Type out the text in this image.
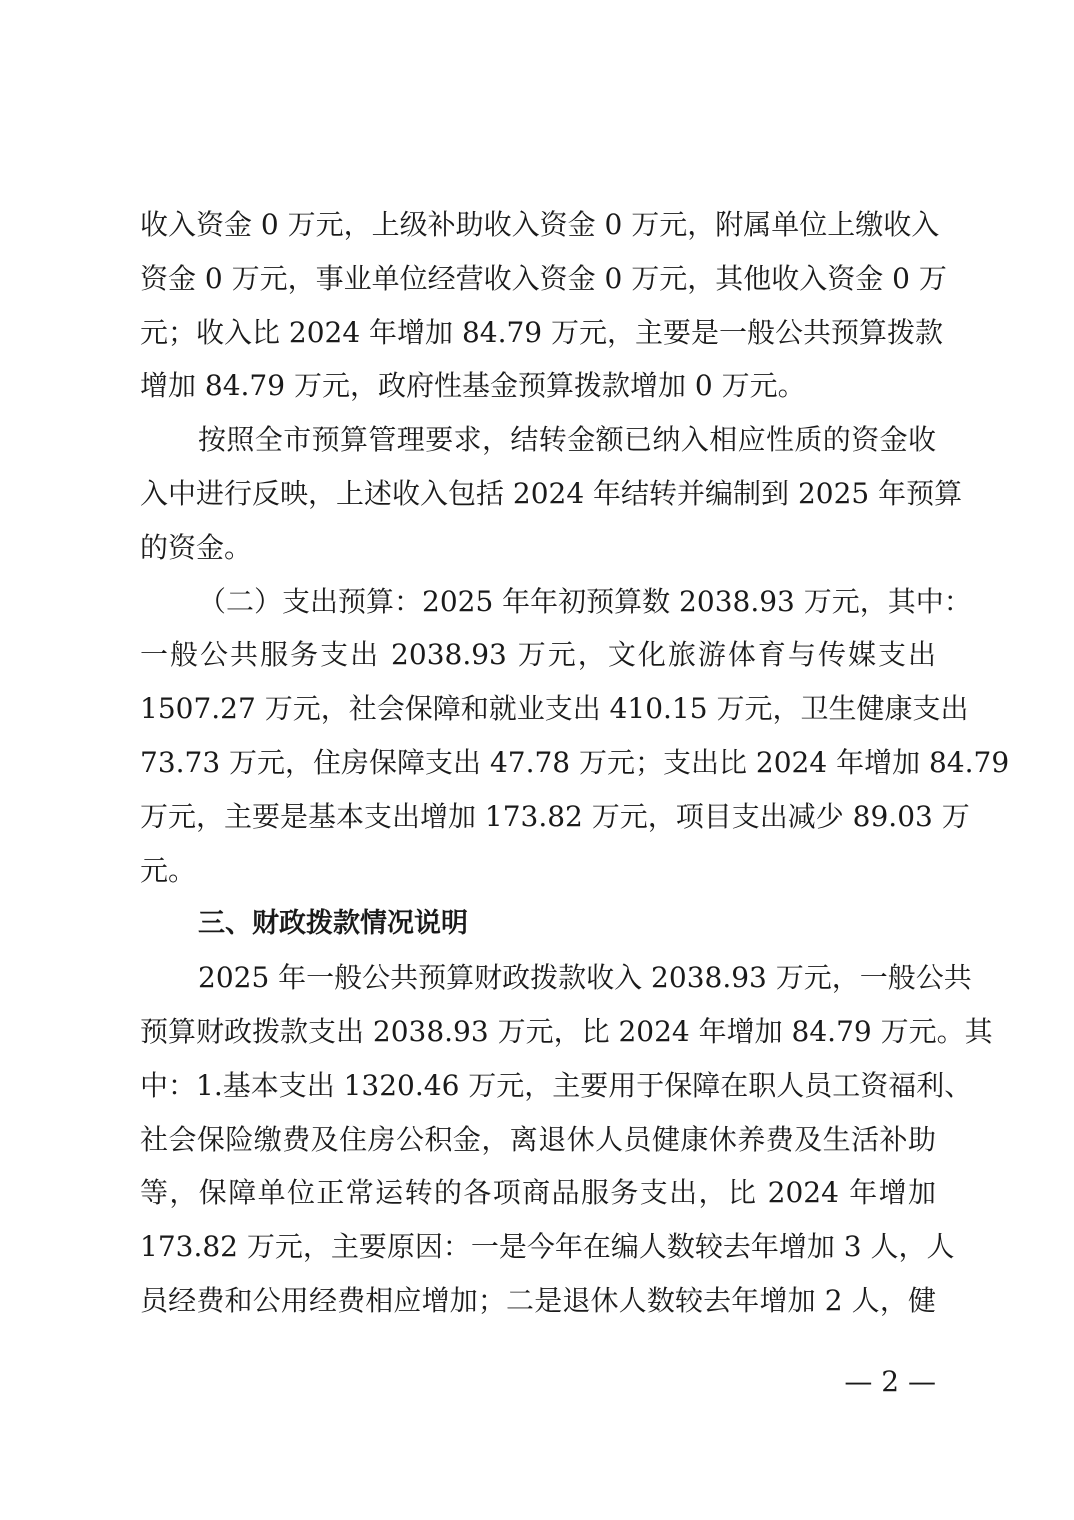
收入资金 0 万元，上级补助收入资金 0 万元，附属单位上缴收入
资金 0 万元，事业单位经营收入资金 0 万元，其他收入资金 0 万
元；收入比 2024 年增加 84.79 万元，主要是一般公共预算拨款
增加 84.79 万元，政府性基金预算拨款增加 0 万元。
按照全市预算管理要求，结转金额已纳入相应性质的资金收
入中进行反映，上述收入包括 2024 年结转并编制到 2025 年预算
的资金。
（二）支出预算：2025 年年初预算数 2038.93 万元，其中：
一般公共服务支出 2038.93 万元，文化旅游体育与传媒支出
1507.27 万元，社会保障和就业支出 410.15 万元，卫生健康支出
73.73 万元，住房保障支出 47.78 万元；支出比 2024 年增加 84.79
万元，主要是基本支出增加 173.82 万元，项目支出减少 89.03 万
元。
三、财政拨款情况说明
2025 年一般公共预算财政拨款收入 2038.93 万元，一般公共
预算财政拨款支出 2038.93 万元，比 2024 年增加 84.79 万元。其
中：1.基本支出 1320.46 万元，主要用于保障在职人员工资福利、
社会保险缴费及住房公积金，离退休人员健康休养费及生活补助
等，保障单位正常运转的各项商品服务支出，比 2024 年增加
173.82 万元，主要原因：一是今年在编人数较去年增加 3 人，人
员经费和公用经费相应增加；二是退休人数较去年增加 2 人，健
— 2 —
